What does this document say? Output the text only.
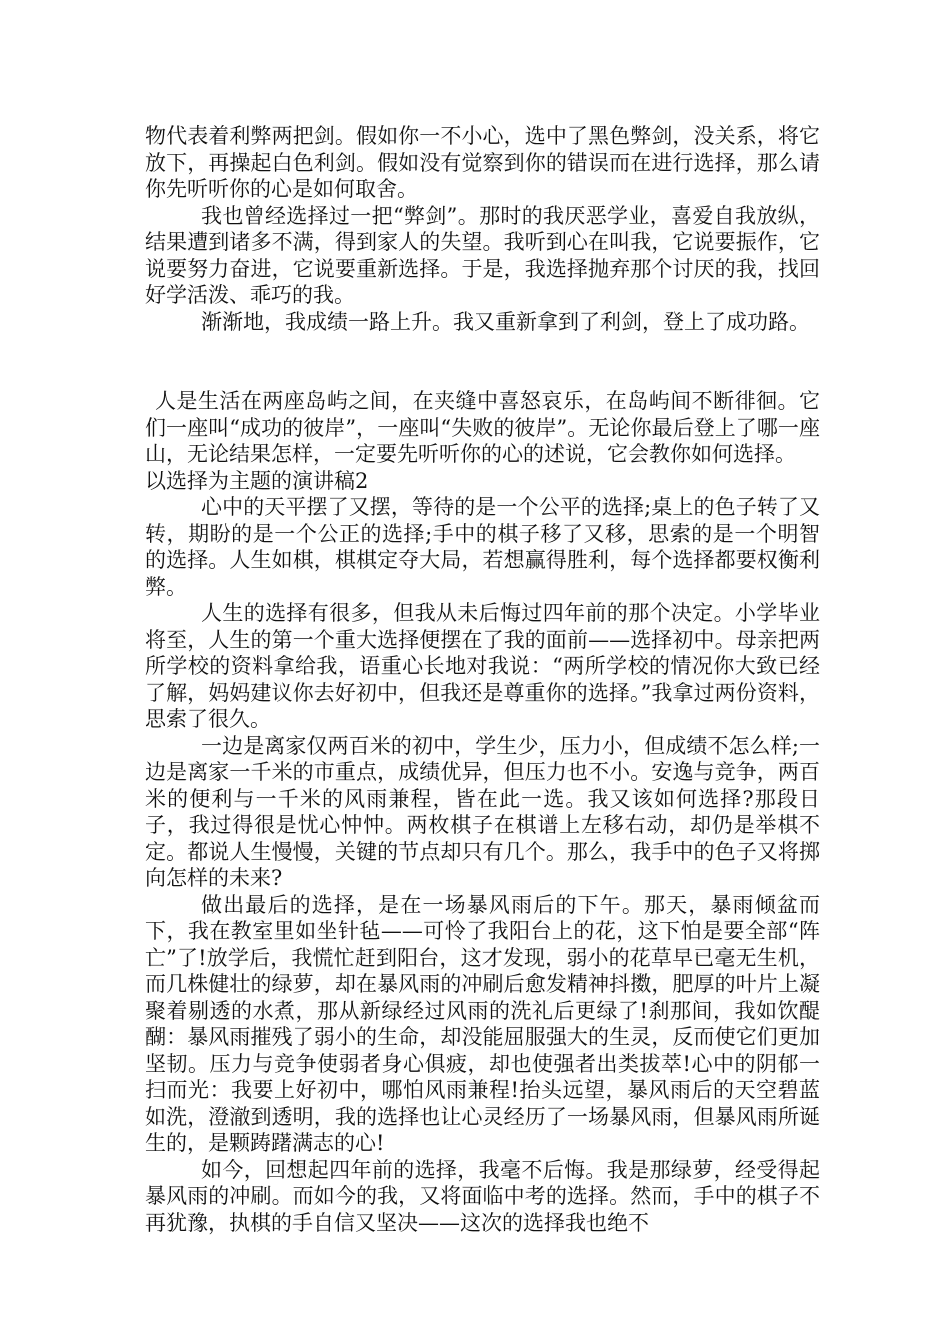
物代表着利弊两把剑。假如你一不小心，选中了黑色弊剑，没关系，将它放下，再操起白色利剑。假如没有觉察到你的错误而在进行选择，那么请你先听听你的心是如何取舍。

我也曾经选择过一把“弊剑”。那时的我厌恶学业，喜爱自我放纵，结果遭到诸多不满，得到家人的失望。我听到心在叫我，它说要振作，它说要努力奋进，它说要重新选择。于是，我选择抛弃那个讨厌的我，找回好学活泼、乖巧的我。

渐渐地，我成绩一路上升。我又重新拿到了利剑，登上了成功路。

人是生活在两座岛屿之间，在夹缝中喜怒哀乐，在岛屿间不断徘徊。它们一座叫“成功的彼岸”，一座叫“失败的彼岸”。无论你最后登上了哪一座山，无论结果怎样，一定要先听听你的心的述说，它会教你如何选择。

以选择为主题的演讲稿2

心中的天平摆了又摆，等待的是一个公平的选择;桌上的色子转了又转，期盼的是一个公正的选择;手中的棋子移了又移，思索的是一个明智的选择。人生如棋，棋棋定夺大局，若想赢得胜利，每个选择都要权衡利弊。

人生的选择有很多，但我从未后悔过四年前的那个决定。小学毕业将至，人生的第一个重大选择便摆在了我的面前——选择初中。母亲把两所学校的资料拿给我，语重心长地对我说：“两所学校的情况你大致已经了解，妈妈建议你去好初中，但我还是尊重你的选择。”我拿过两份资料，思索了很久。

一边是离家仅两百米的初中，学生少，压力小，但成绩不怎么样;一边是离家一千米的市重点，成绩优异，但压力也不小。安逸与竞争，两百米的便利与一千米的风雨兼程，皆在此一选。我又该如何选择?那段日子，我过得很是忧心忡忡。两枚棋子在棋谱上左移右动，却仍是举棋不定。都说人生慢慢，关键的节点却只有几个。那么，我手中的色子又将掷向怎样的未来?

做出最后的选择，是在一场暴风雨后的下午。那天，暴雨倾盆而下，我在教室里如坐针毡——可怜了我阳台上的花，这下怕是要全部“阵亡”了!放学后，我慌忙赶到阳台，这才发现，弱小的花草早已毫无生机，而几株健壮的绿萝，却在暴风雨的冲刷后愈发精神抖擞，肥厚的叶片上凝聚着剔透的水煮，那从新绿经过风雨的洗礼后更绿了!刹那间，我如饮醍醐：暴风雨摧残了弱小的生命，却没能屈服强大的生灵，反而使它们更加坚韧。压力与竞争使弱者身心俱疲，却也使强者出类拔萃!心中的阴郁一扫而光：我要上好初中，哪怕风雨兼程!抬头远望，暴风雨后的天空碧蓝如洗，澄澈到透明，我的选择也让心灵经历了一场暴风雨，但暴风雨所诞生的，是颗踌躇满志的心!

如今，回想起四年前的选择，我毫不后悔。我是那绿萝，经受得起暴风雨的冲刷。而如今的我，又将面临中考的选择。然而，手中的棋子不再犹豫，执棋的手自信又坚决——这次的选择我也绝不
